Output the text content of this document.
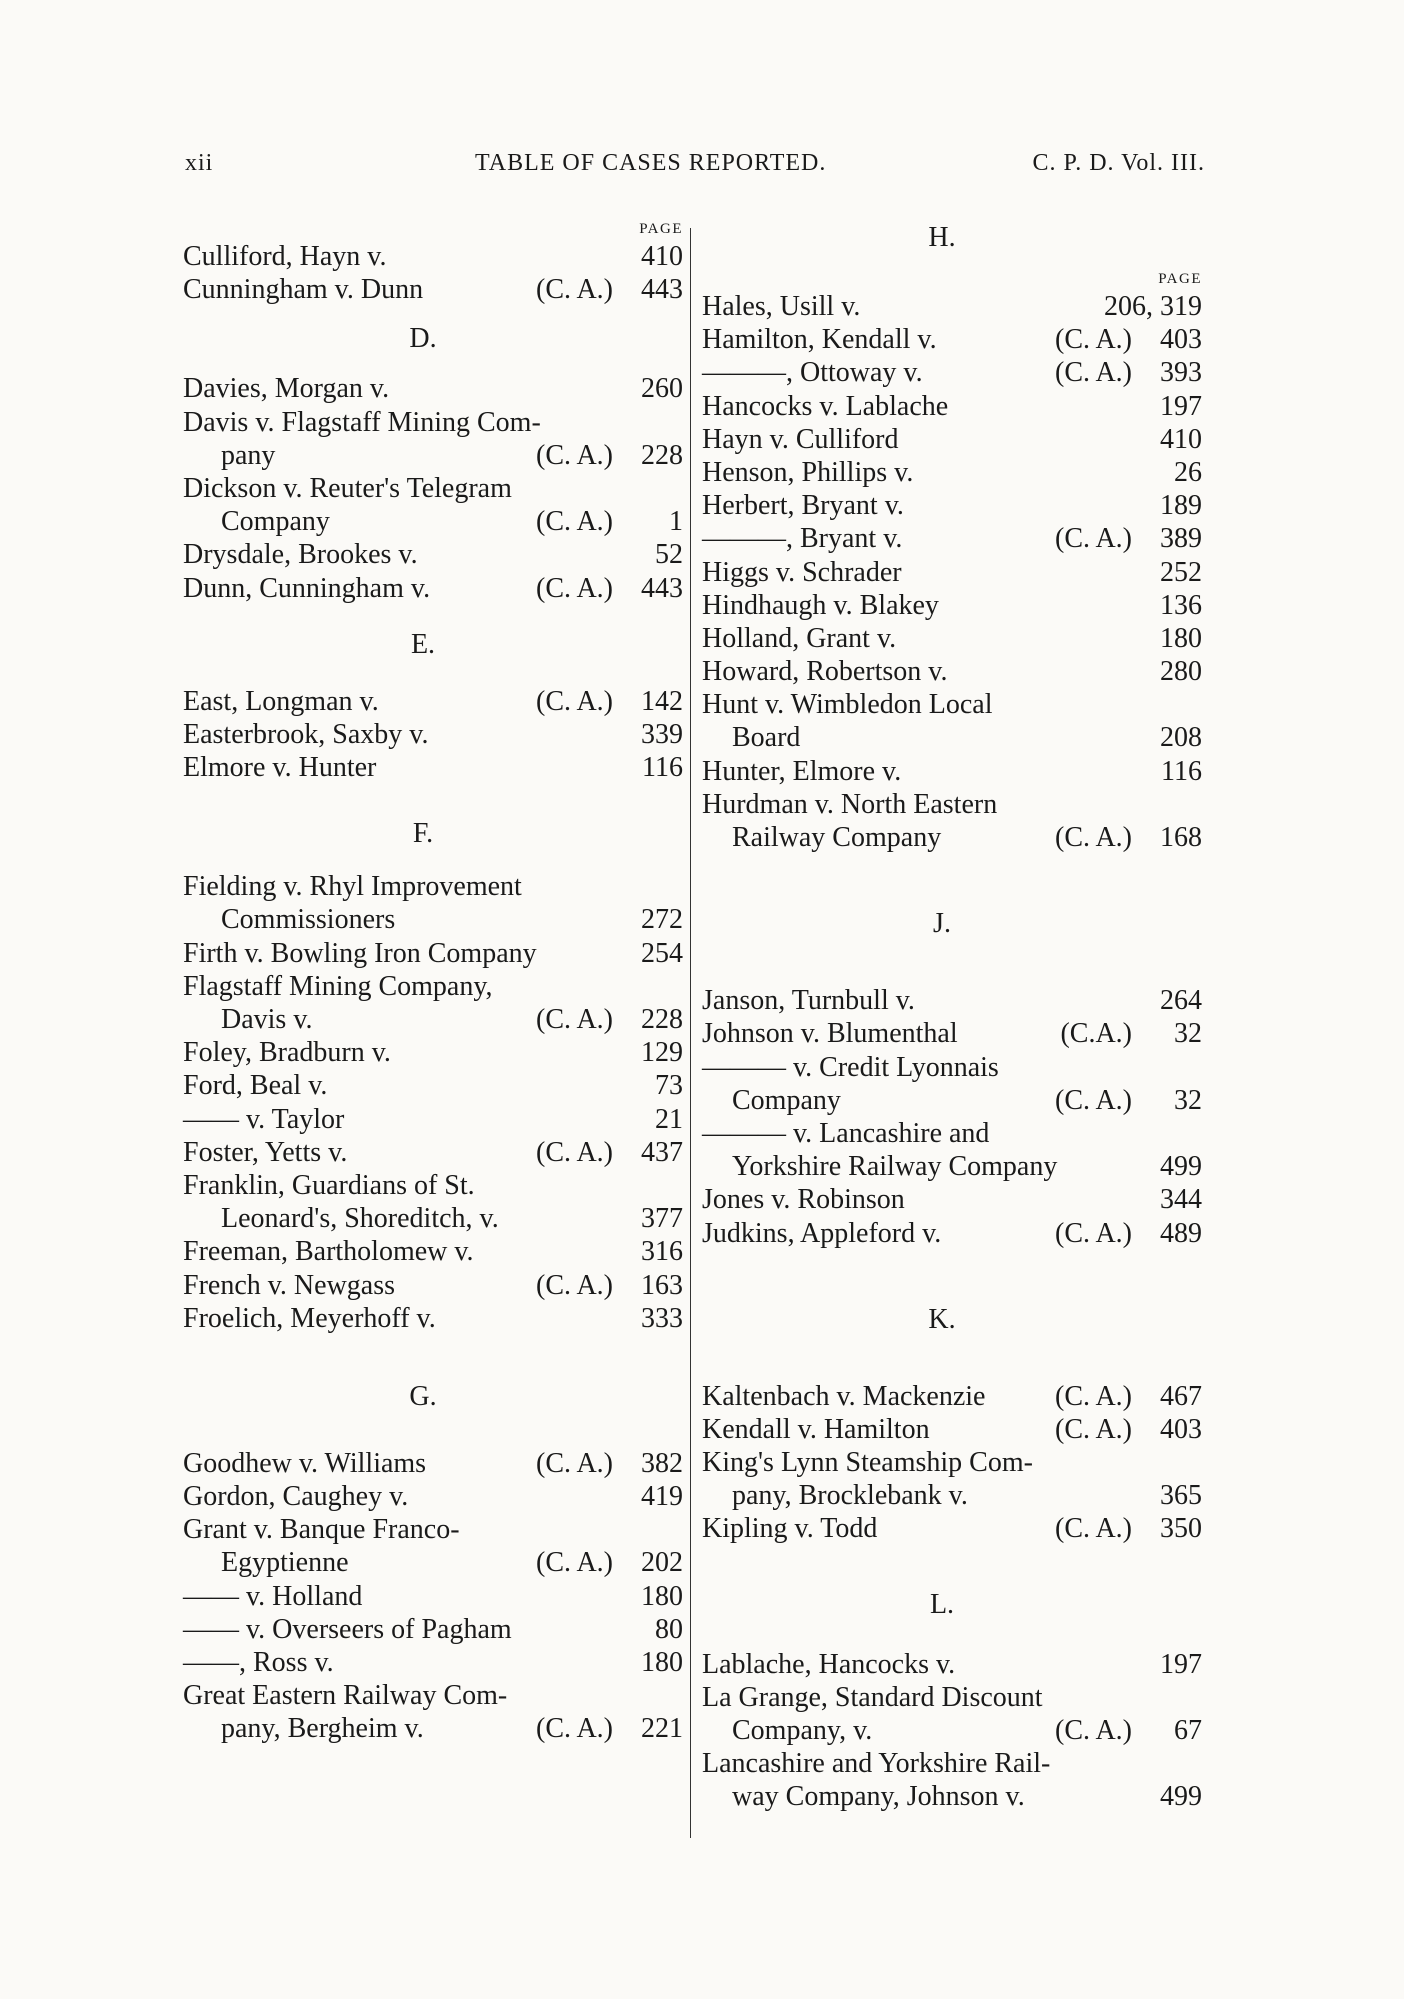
xii	TABLE OF CASES REPORTED.	C. P. D. Vol. III.
PAGE
Culliford, Hayn v.	410
Cunningham v. Dunn	(C. A.) 443
D.
Davies, Morgan v.	260
Davis v. Flagstaff Mining Com-
pany	(C. A.) 228
Dickson v. Reuter's Telegram
Company	(C. A.) 1
Drysdale, Brookes v.	52
Dunn, Cunningham v.	(C. A.) 443
E.
East, Longman v.	(C. A.) 142
Easterbrook, Saxby v.	339
Elmore v. Hunter	116
F.
Fielding v. Rhyl Improvement
Commissioners	272
Firth v. Bowling Iron Company	254
Flagstaff Mining Company,
Davis v.	(C. A.) 228
Foley, Bradburn v.	129
Ford, Beal v.	73
—— v. Taylor	21
Foster, Yetts v.	(C. A.) 437
Franklin, Guardians of St.
Leonard's, Shoreditch, v.	377
Freeman, Bartholomew v.	316
French v. Newgass	(C. A.) 163
Froelich, Meyerhoff v.	333
G.
Goodhew v. Williams	(C. A.) 382
Gordon, Caughey v.	419
Grant v. Banque Franco-
Egyptienne	(C. A.) 202
—— v. Holland	180
—— v. Overseers of Pagham	80
——, Ross v.	180
Great Eastern Railway Com-
pany, Bergheim v.	(C. A.) 221
H.
PAGE
Hales, Usill v.	206, 319
Hamilton, Kendall v.	(C. A.) 403
———, Ottoway v.	(C. A.) 393
Hancocks v. Lablache	197
Hayn v. Culliford	410
Henson, Phillips v.	26
Herbert, Bryant v.	189
———, Bryant v.	(C. A.) 389
Higgs v. Schrader	252
Hindhaugh v. Blakey	136
Holland, Grant v.	180
Howard, Robertson v.	280
Hunt v. Wimbledon Local
Board	208
Hunter, Elmore v.	116
Hurdman v. North Eastern
Railway Company	(C. A.) 168
J.
Janson, Turnbull v.	264
Johnson v. Blumenthal	(C.A.) 32
——— v. Credit Lyonnais
Company	(C. A.) 32
——— v. Lancashire and
Yorkshire Railway Company	499
Jones v. Robinson	344
Judkins, Appleford v.	(C. A.) 489
K.
Kaltenbach v. Mackenzie (C. A.) 467
Kendall v. Hamilton	(C. A.) 403
King's Lynn Steamship Com-
pany, Brocklebank v.	365
Kipling v. Todd	(C. A.) 350
L.
Lablache, Hancocks v.	197
La Grange, Standard Discount
Company, v.	(C. A.) 67
Lancashire and Yorkshire Rail-
way Company, Johnson v.	499
